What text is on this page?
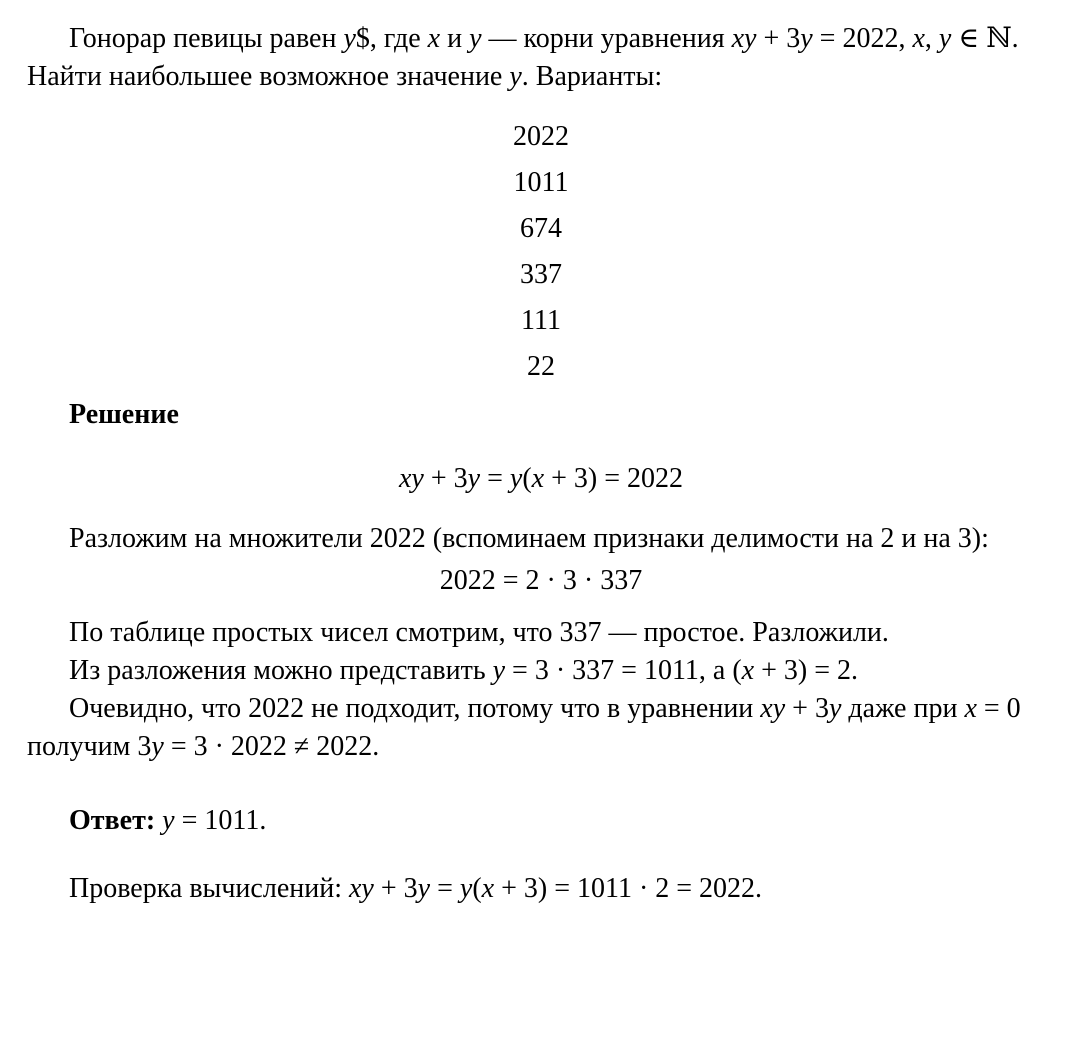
Гонорар певицы равен y$, где x и y — корни уравнения xy + 3y = 2022, x, y ∈ ℕ. Найти наибольшее возможное значение y. Варианты:

2022
1011
674
337
111
22

Решение

xy + 3y = y(x + 3) = 2022

Разложим на множители 2022 (вспоминаем признаки делимости на 2 и на 3):

2022 = 2 · 3 · 337

По таблице простых чисел смотрим, что 337 — простое. Разложили.

Из разложения можно представить y = 3 · 337 = 1011, а (x + 3) = 2.

Очевидно, что 2022 не подходит, потому что в уравнении xy + 3y даже при x = 0 получим 3y = 3 · 2022 ≠ 2022.

Ответ: y = 1011.

Проверка вычислений: xy + 3y = y(x + 3) = 1011 · 2 = 2022.
